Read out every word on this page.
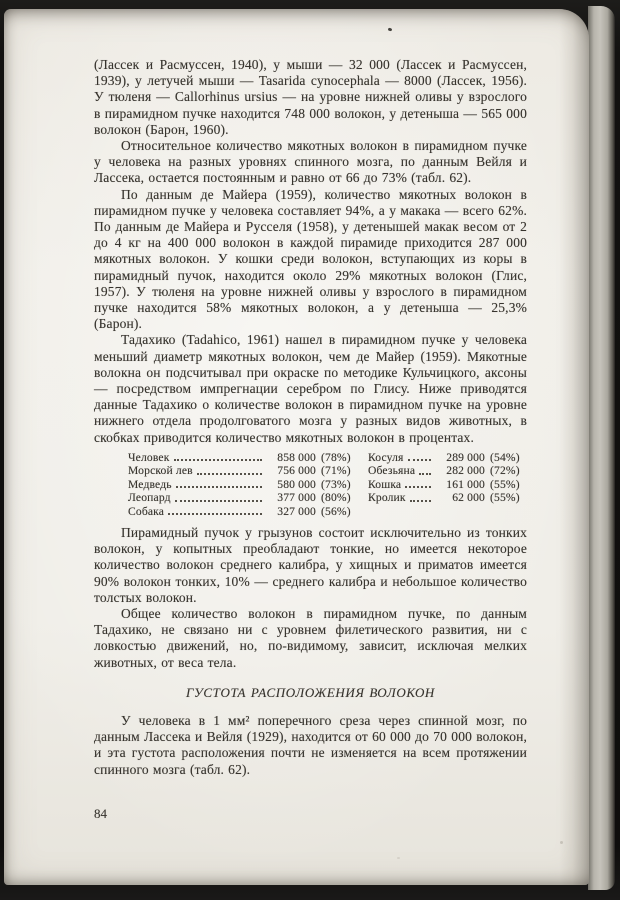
(Лассек и Расмуссен, 1940), у мыши — 32 000 (Лассек и Расмуссен, 1939), у летучей мыши — Tasarida cynocephala — 8000 (Лассек, 1956). У тюленя — Callorhinus ursius — на уровне нижней оливы у взрослого в пирамидном пучке находится 748 000 волокон, у детеныша — 565 000 волокон (Барон, 1960).

Относительное количество мякотных волокон в пирамидном пучке у человека на разных уровнях спинного мозга, по данным Вейля и Лассека, остается постоянным и равно от 66 до 73% (табл. 62).

По данным де Майера (1959), количество мякотных волокон в пирамидном пучке у человека составляет 94%, а у макака — всего 62%. По данным де Майера и Русселя (1958), у детенышей макак весом от 2 до 4 кг на 400 000 волокон в каждой пирамиде приходится 287 000 мякотных волокон. У кошки среди волокон, вступающих из коры в пирамидный пучок, находится около 29% мякотных волокон (Глис, 1957). У тюленя на уровне нижней оливы у взрослого в пирамидном пучке находится 58% мякотных волокон, а у детеныша — 25,3% (Барон).

Тадахико (Tadahico, 1961) нашел в пирамидном пучке у человека меньший диаметр мякотных волокон, чем де Майер (1959). Мякотные волокна он подсчитывал при окраске по методике Кульчицкого, аксоны — посредством импрегнации серебром по Глису. Ниже приводятся данные Тадахико о количестве волокон в пирамидном пучке на уровне нижнего отдела продолговатого мозга у разных видов животных, в скобках приводится количество мякотных волокон в процентах.

Человек	858 000 (78%)
Морской лев	756 000 (71%)
Медведь	580 000 (73%)
Леопард	377 000 (80%)
Собака	327 000 (56%)
Косуля	289 000 (54%)
Обезьяна	282 000 (72%)
Кошка	161 000 (55%)
Кролик	62 000 (55%)

Пирамидный пучок у грызунов состоит исключительно из тонких волокон, у копытных преобладают тонкие, но имеется некоторое количество волокон среднего калибра, у хищных и приматов имеется 90% волокон тонких, 10% — среднего калибра и небольшое количество толстых волокон.

Общее количество волокон в пирамидном пучке, по данным Тадахико, не связано ни с уровнем филетического развития, ни с ловкостью движений, но, по-видимому, зависит, исключая мелких животных, от веса тела.

ГУСТОТА РАСПОЛОЖЕНИЯ ВОЛОКОН

У человека в 1 мм² поперечного среза через спинной мозг, по данным Лассека и Вейля (1929), находится от 60 000 до 70 000 волокон, и эта густота расположения почти не изменяется на всем протяжении спинного мозга (табл. 62).

84
